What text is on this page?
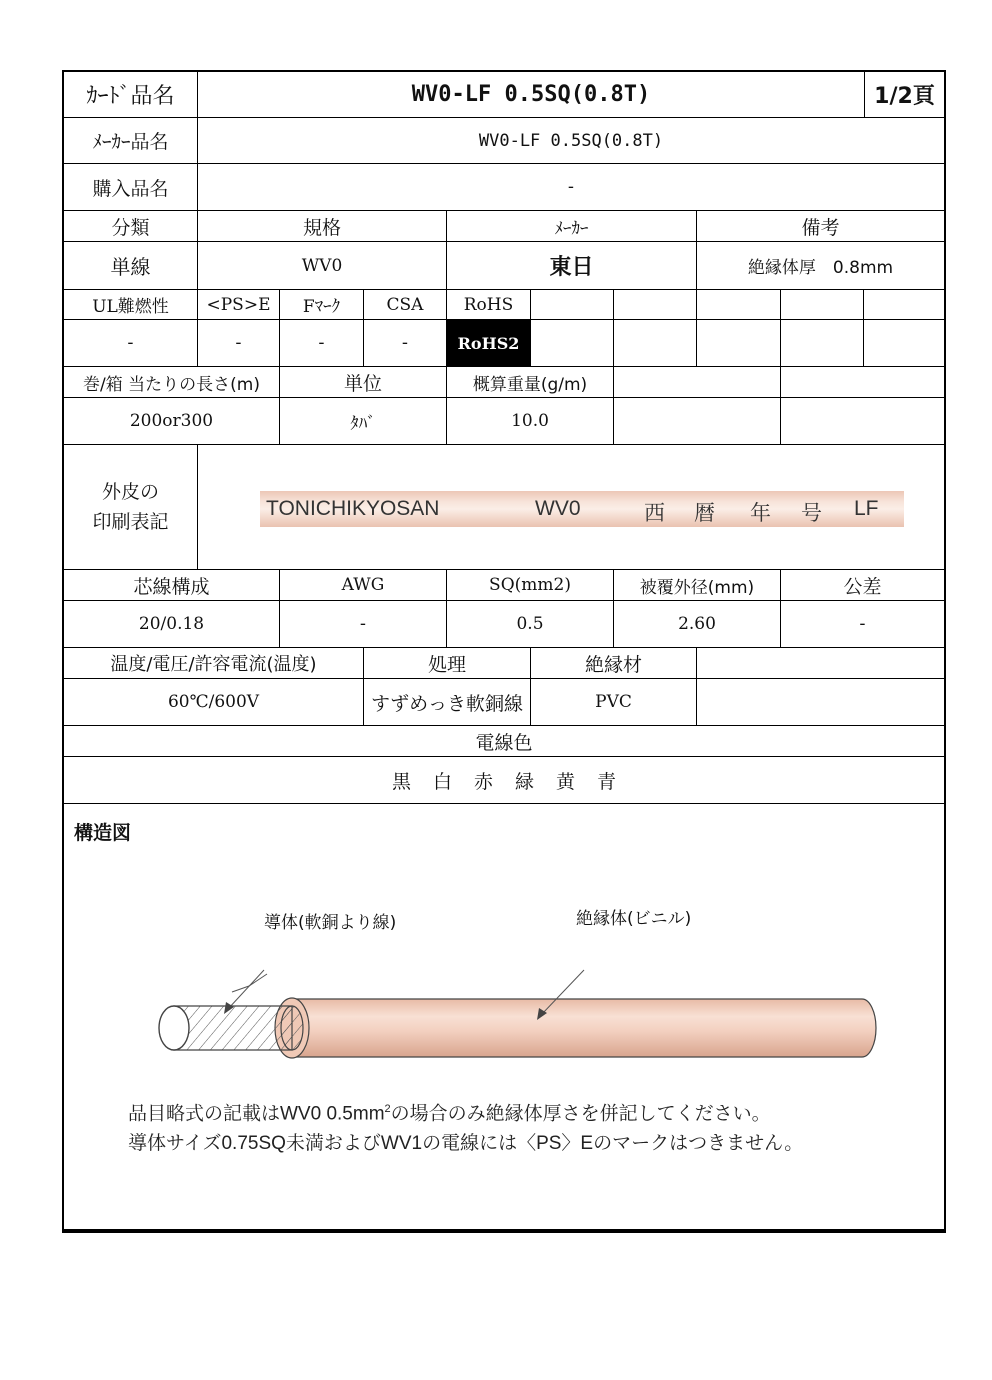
ｶｰﾄﾞ品名	WV0-LF 0.5SQ(0.8T)	1/2頁
ﾒｰｶｰ品名	WV0-LF 0.5SQ(0.8T)
購入品名	-
分類	規格	ﾒｰｶｰ	備考
単線	WV0	東日	絶縁体厚　0.8mm
UL難燃性	<PS>E	Fﾏｰｸ	CSA	RoHS
-	-	-	-	RoHS2
巻/箱 当たりの長さ(m)	単位	概算重量(g/m)
200or300	ﾀﾊﾞ	10.0
外皮の
印刷表記
TONICHIKYOSAN	WV0	西 暦 年 号 LF
芯線構成	AWG	SQ(mm2)	被覆外径(mm)	公差
20/0.18	-	0.5	2.60	-
温度/電圧/許容電流(温度)	処理	絶縁材
60℃/600V	すずめっき軟銅線	PVC
電線色
黒 白 赤 緑 黄 青
構造図
導体(軟銅より線)	絶縁体(ビニル)
品目略式の記載はWV0 $0.5mm^2$の場合のみ絶縁体厚さを併記してください。
導体サイズ0.75SQ未満およびWV1の電線には〈PS〉Eのマークはつきません。
